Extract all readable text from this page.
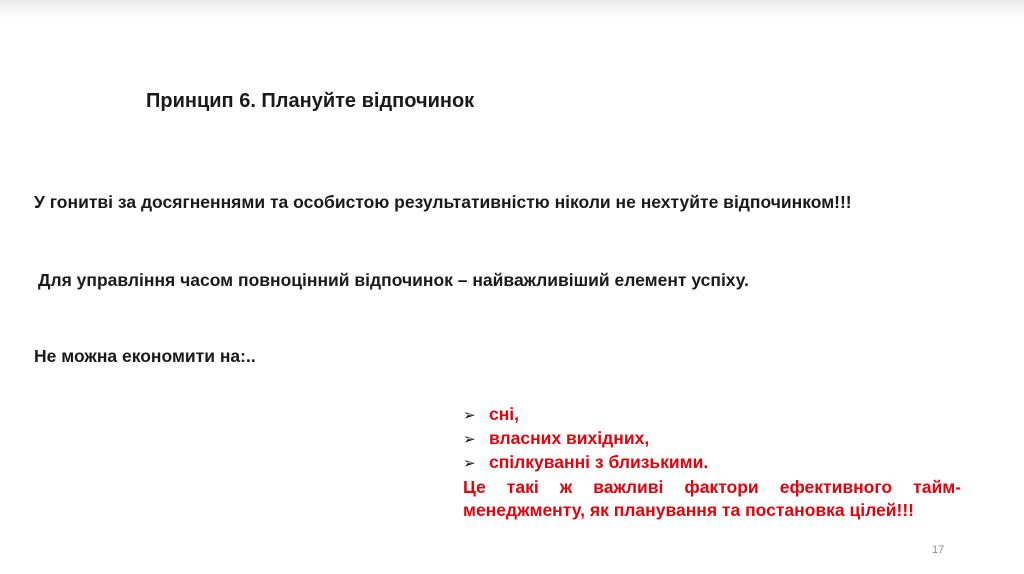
Принцип 6. Плануйте відпочинок
У гонитві за досягненнями та особистою результативністю ніколи не нехтуйте відпочинком!!!
Для управління часом повноцінний відпочинок – найважливіший елемент успіху.
Не можна економити на:..
➢ сні,
➢ власних вихідних,
➢ спілкуванні з близькими.
Це такі ж важливі фактори ефективного тайм-менеджменту, як планування та постановка цілей!!!
17
